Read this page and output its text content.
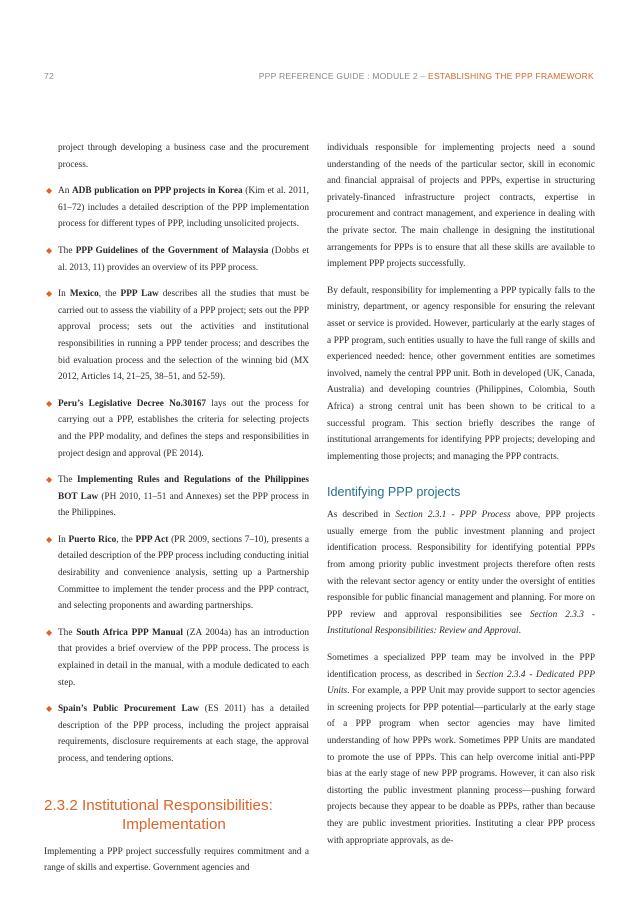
72	PPP REFERENCE GUIDE : MODULE 2 – ESTABLISHING THE PPP FRAMEWORK
project through developing a business case and the procurement process.
◆ An ADB publication on PPP projects in Korea (Kim et al. 2011, 61–72) includes a detailed description of the PPP implementation process for different types of PPP, including unsolicited projects.
◆ The PPP Guidelines of the Government of Malaysia (Dobbs et al. 2013, 11) provides an overview of its PPP process.
◆ In Mexico, the PPP Law describes all the studies that must be carried out to assess the viability of a PPP project; sets out the PPP approval process; sets out the activities and institutional responsibilities in running a PPP tender process; and describes the bid evaluation process and the selection of the winning bid (MX 2012, Articles 14, 21–25, 38–51, and 52-59).
◆ Peru’s Legislative Decree No.30167 lays out the process for carrying out a PPP, establishes the criteria for selecting projects and the PPP modality, and defines the steps and responsibilities in project design and approval (PE 2014).
◆ The Implementing Rules and Regulations of the Philippines BOT Law (PH 2010, 11–51 and Annexes) set the PPP process in the Philippines.
◆ In Puerto Rico, the PPP Act (PR 2009, sections 7–10), presents a detailed description of the PPP process including conducting initial desirability and convenience analysis, setting up a Partnership Committee to implement the tender process and the PPP contract, and selecting proponents and awarding partnerships.
◆ The South Africa PPP Manual (ZA 2004a) has an introduction that provides a brief overview of the PPP process. The process is explained in detail in the manual, with a module dedicated to each step.
◆ Spain’s Public Procurement Law (ES 2011) has a detailed description of the PPP process, including the project appraisal requirements, disclosure requirements at each stage, the approval process, and tendering options.
2.3.2 Institutional Responsibilities:
Implementation
Implementing a PPP project successfully requires commitment and a range of skills and expertise. Government agencies and
individuals responsible for implementing projects need a sound understanding of the needs of the particular sector, skill in economic and financial appraisal of projects and PPPs, expertise in structuring privately-financed infrastructure project contracts, expertise in procurement and contract management, and experience in dealing with the private sector. The main challenge in designing the institutional arrangements for PPPs is to ensure that all these skills are available to implement PPP projects successfully.
By default, responsibility for implementing a PPP typically falls to the ministry, department, or agency responsible for ensuring the relevant asset or service is provided. However, particularly at the early stages of a PPP program, such entities usually to have the full range of skills and experienced needed: hence, other government entities are sometimes involved, namely the central PPP unit. Both in developed (UK, Canada, Australia) and developing countries (Philippines, Colombia, South Africa) a strong central unit has been shown to be critical to a successful program. This section briefly describes the range of institutional arrangements for identifying PPP projects; developing and implementing those projects; and managing the PPP contracts.
Identifying PPP projects
As described in Section 2.3.1 - PPP Process above, PPP projects usually emerge from the public investment planning and project identification process. Responsibility for identifying potential PPPs from among priority public investment projects therefore often rests with the relevant sector agency or entity under the oversight of entities responsible for public financial management and planning. For more on PPP review and approval responsibilities see Section 2.3.3 - Institutional Responsibilities: Review and Approval.
Sometimes a specialized PPP team may be involved in the PPP identification process, as described in Section 2.3.4 - Dedicated PPP Units. For example, a PPP Unit may provide support to sector agencies in screening projects for PPP potential—particularly at the early stage of a PPP program when sector agencies may have limited understanding of how PPPs work. Sometimes PPP Units are mandated to promote the use of PPPs. This can help overcome initial anti-PPP bias at the early stage of new PPP programs. However, it can also risk distorting the public investment planning process—pushing forward projects because they appear to be doable as PPPs, rather than because they are public investment priorities. Instituting a clear PPP process with appropriate approvals, as de-
